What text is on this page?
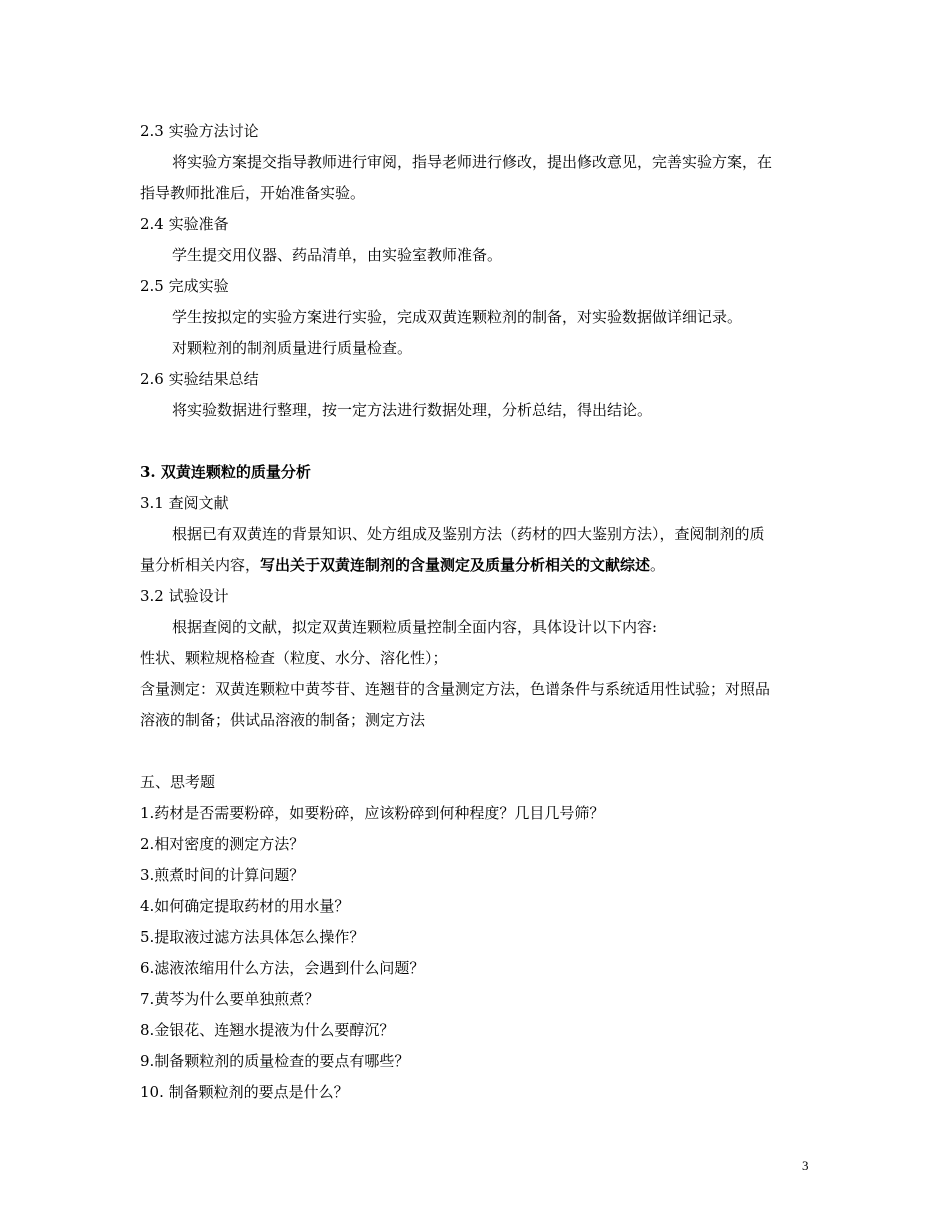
2.3 实验方法讨论
将实验方案提交指导教师进行审阅，指导老师进行修改，提出修改意见，完善实验方案，在
指导教师批准后，开始准备实验。
2.4 实验准备
学生提交用仪器、药品清单，由实验室教师准备。
2.5 完成实验
学生按拟定的实验方案进行实验，完成双黄连颗粒剂的制备，对实验数据做详细记录。
对颗粒剂的制剂质量进行质量检查。
2.6 实验结果总结
将实验数据进行整理，按一定方法进行数据处理，分析总结，得出结论。
3. 双黄连颗粒的质量分析
3.1 查阅文献
根据已有双黄连的背景知识、处方组成及鉴别方法（药材的四大鉴别方法），查阅制剂的质
量分析相关内容，写出关于双黄连制剂的含量测定及质量分析相关的文献综述。
3.2 试验设计
根据查阅的文献，拟定双黄连颗粒质量控制全面内容，具体设计以下内容:
性状、颗粒规格检查（粒度、水分、溶化性）；
含量测定：双黄连颗粒中黄芩苷、连翘苷的含量测定方法，色谱条件与系统适用性试验；对照品
溶液的制备；供试品溶液的制备；测定方法
五、思考题
1.药材是否需要粉碎，如要粉碎，应该粉碎到何种程度？几目几号筛？
2.相对密度的测定方法？
3.煎煮时间的计算问题？
4.如何确定提取药材的用水量？
5.提取液过滤方法具体怎么操作？
6.滤液浓缩用什么方法，会遇到什么问题？
7.黄芩为什么要单独煎煮？
8.金银花、连翘水提液为什么要醇沉？
9.制备颗粒剂的质量检查的要点有哪些？
10. 制备颗粒剂的要点是什么？
3
